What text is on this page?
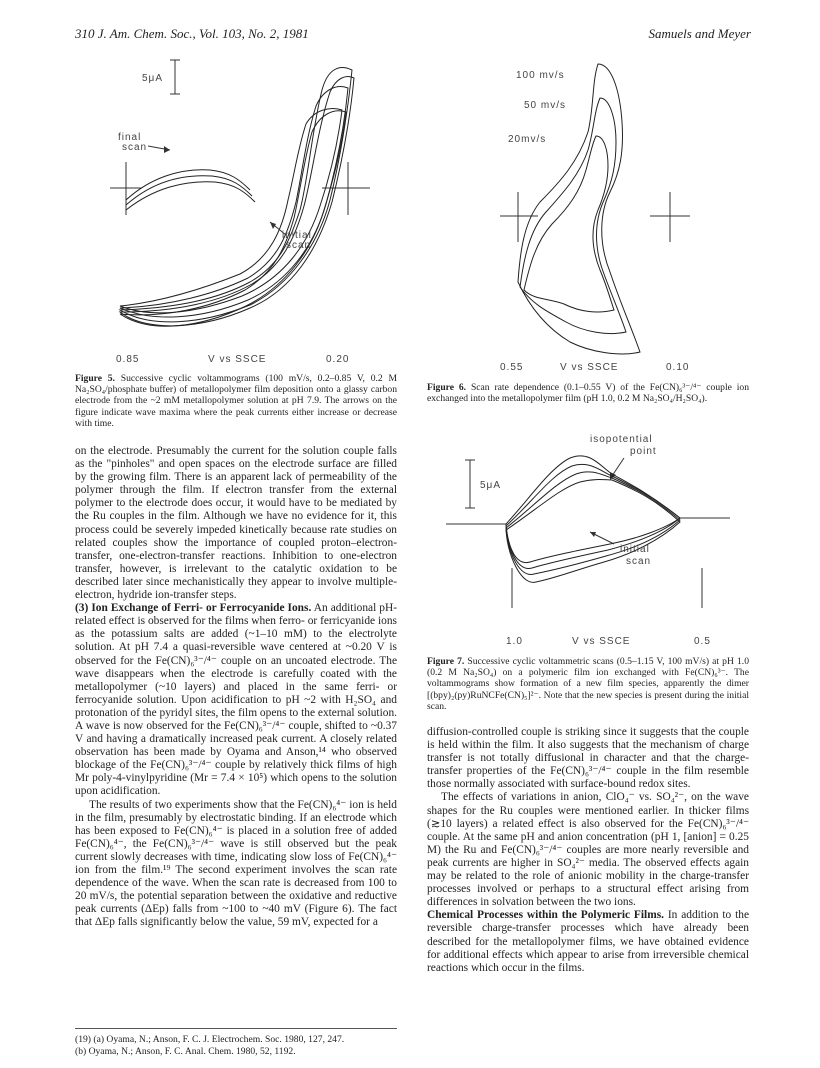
310 J. Am. Chem. Soc., Vol. 103, No. 2, 1981	Samuels and Meyer
5μA
final
scan
initial
scan
0.85	V vs SSCE	0.20
Figure 5. Successive cyclic voltammograms (100 mV/s, 0.2–0.85 V, 0.2 M Na₂SO₄/phosphate buffer) of metallopolymer film deposition onto a glassy carbon electrode from the ~2 mM metallopolymer solution at pH 7.9. The arrows on the figure indicate wave maxima where the peak currents either increase or decrease with time.
100 mv/s
50 mv/s
20mv/s
0.55	V vs SSCE	0.10
Figure 6. Scan rate dependence (0.1–0.55 V) of the Fe(CN)₆³⁻/⁴⁻ couple ion exchanged into the metallopolymer film (pH 1.0, 0.2 M Na₂SO₄/H₂SO₄).
isopotential
point
5μA
initial
scan
1.0	V vs SSCE	0.5
Figure 7. Successive cyclic voltammetric scans (0.5–1.15 V, 100 mV/s) at pH 1.0 (0.2 M Na₂SO₄) on a polymeric film ion exchanged with Fe(CN)₆³⁻. The voltammograms show formation of a new film species, apparently the dimer [(bpy)₂(py)RuNCFe(CN)₅]²⁻. Note that the new species is present during the initial scan.

on the electrode. Presumably the current for the solution couple falls as the "pinholes" and open spaces on the electrode surface are filled by the growing film. There is an apparent lack of permeability of the polymer through the film. If electron transfer from the external polymer to the electrode does occur, it would have to be mediated by the Ru couples in the film. Although we have no evidence for it, this process could be severely impeded kinetically because rate studies on related couples show the importance of coupled proton–electron-transfer, one-electron-transfer reactions. Inhibition to one-electron transfer, however, is irrelevant to the catalytic oxidation to be described later since mechanistically they appear to involve multiple-electron, hydride ion-transfer steps.

(3) Ion Exchange of Ferri- or Ferrocyanide Ions. An additional pH-related effect is observed for the films when ferro- or ferricyanide ions as the potassium salts are added (~1–10 mM) to the electrolyte solution. At pH 7.4 a quasi-reversible wave centered at ~0.20 V is observed for the Fe(CN)₆³⁻/⁴⁻ couple on an uncoated electrode. The wave disappears when the electrode is carefully coated with the metallopolymer (~10 layers) and placed in the same ferri- or ferrocyanide solution. Upon acidification to pH ~2 with H₂SO₄ and protonation of the pyridyl sites, the film opens to the external solution. A wave is now observed for the Fe(CN)₆³⁻/⁴⁻ couple, shifted to ~0.37 V and having a dramatically increased peak current. A closely related observation has been made by Oyama and Anson,¹⁴ who observed blockage of the Fe(CN)₆³⁻/⁴⁻ couple by relatively thick films of high Mr poly-4-vinylpyridine (Mr = 7.4 × 10⁵) which opens to the solution upon acidification.

The results of two experiments show that the Fe(CN)₆⁴⁻ ion is held in the film, presumably by electrostatic binding. If an electrode which has been exposed to Fe(CN)₆⁴⁻ is placed in a solution free of added Fe(CN)₆⁴⁻, the Fe(CN)₆³⁻/⁴⁻ wave is still observed but the peak current slowly decreases with time, indicating slow loss of Fe(CN)₆⁴⁻ ion from the film.¹⁹ The second experiment involves the scan rate dependence of the wave. When the scan rate is decreased from 100 to 20 mV/s, the potential separation between the oxidative and reductive peak currents (ΔEp) falls from ~100 to ~40 mV (Figure 6). The fact that ΔEp falls significantly below the value, 59 mV, expected for a

(19) (a) Oyama, N.; Anson, F. C. J. Electrochem. Soc. 1980, 127, 247.
(b) Oyama, N.; Anson, F. C. Anal. Chem. 1980, 52, 1192.

diffusion-controlled couple is striking since it suggests that the couple is held within the film. It also suggests that the mechanism of charge transfer is not totally diffusional in character and that the charge-transfer properties of the Fe(CN)₆³⁻/⁴⁻ couple in the film resemble those normally associated with surface-bound redox sites.

The effects of variations in anion, ClO₄⁻ vs. SO₄²⁻, on the wave shapes for the Ru couples were mentioned earlier. In thicker films (≳10 layers) a related effect is also observed for the Fe(CN)₆³⁻/⁴⁻ couple. At the same pH and anion concentration (pH 1, [anion] = 0.25 M) the Ru and Fe(CN)₆³⁻/⁴⁻ couples are more nearly reversible and peak currents are higher in SO₄²⁻ media. The observed effects again may be related to the role of anionic mobility in the charge-transfer processes involved or perhaps to a structural effect arising from differences in solvation between the two ions.

Chemical Processes within the Polymeric Films. In addition to the reversible charge-transfer processes which have already been described for the metallopolymer films, we have obtained evidence for additional effects which appear to arise from irreversible chemical reactions which occur in the films.
